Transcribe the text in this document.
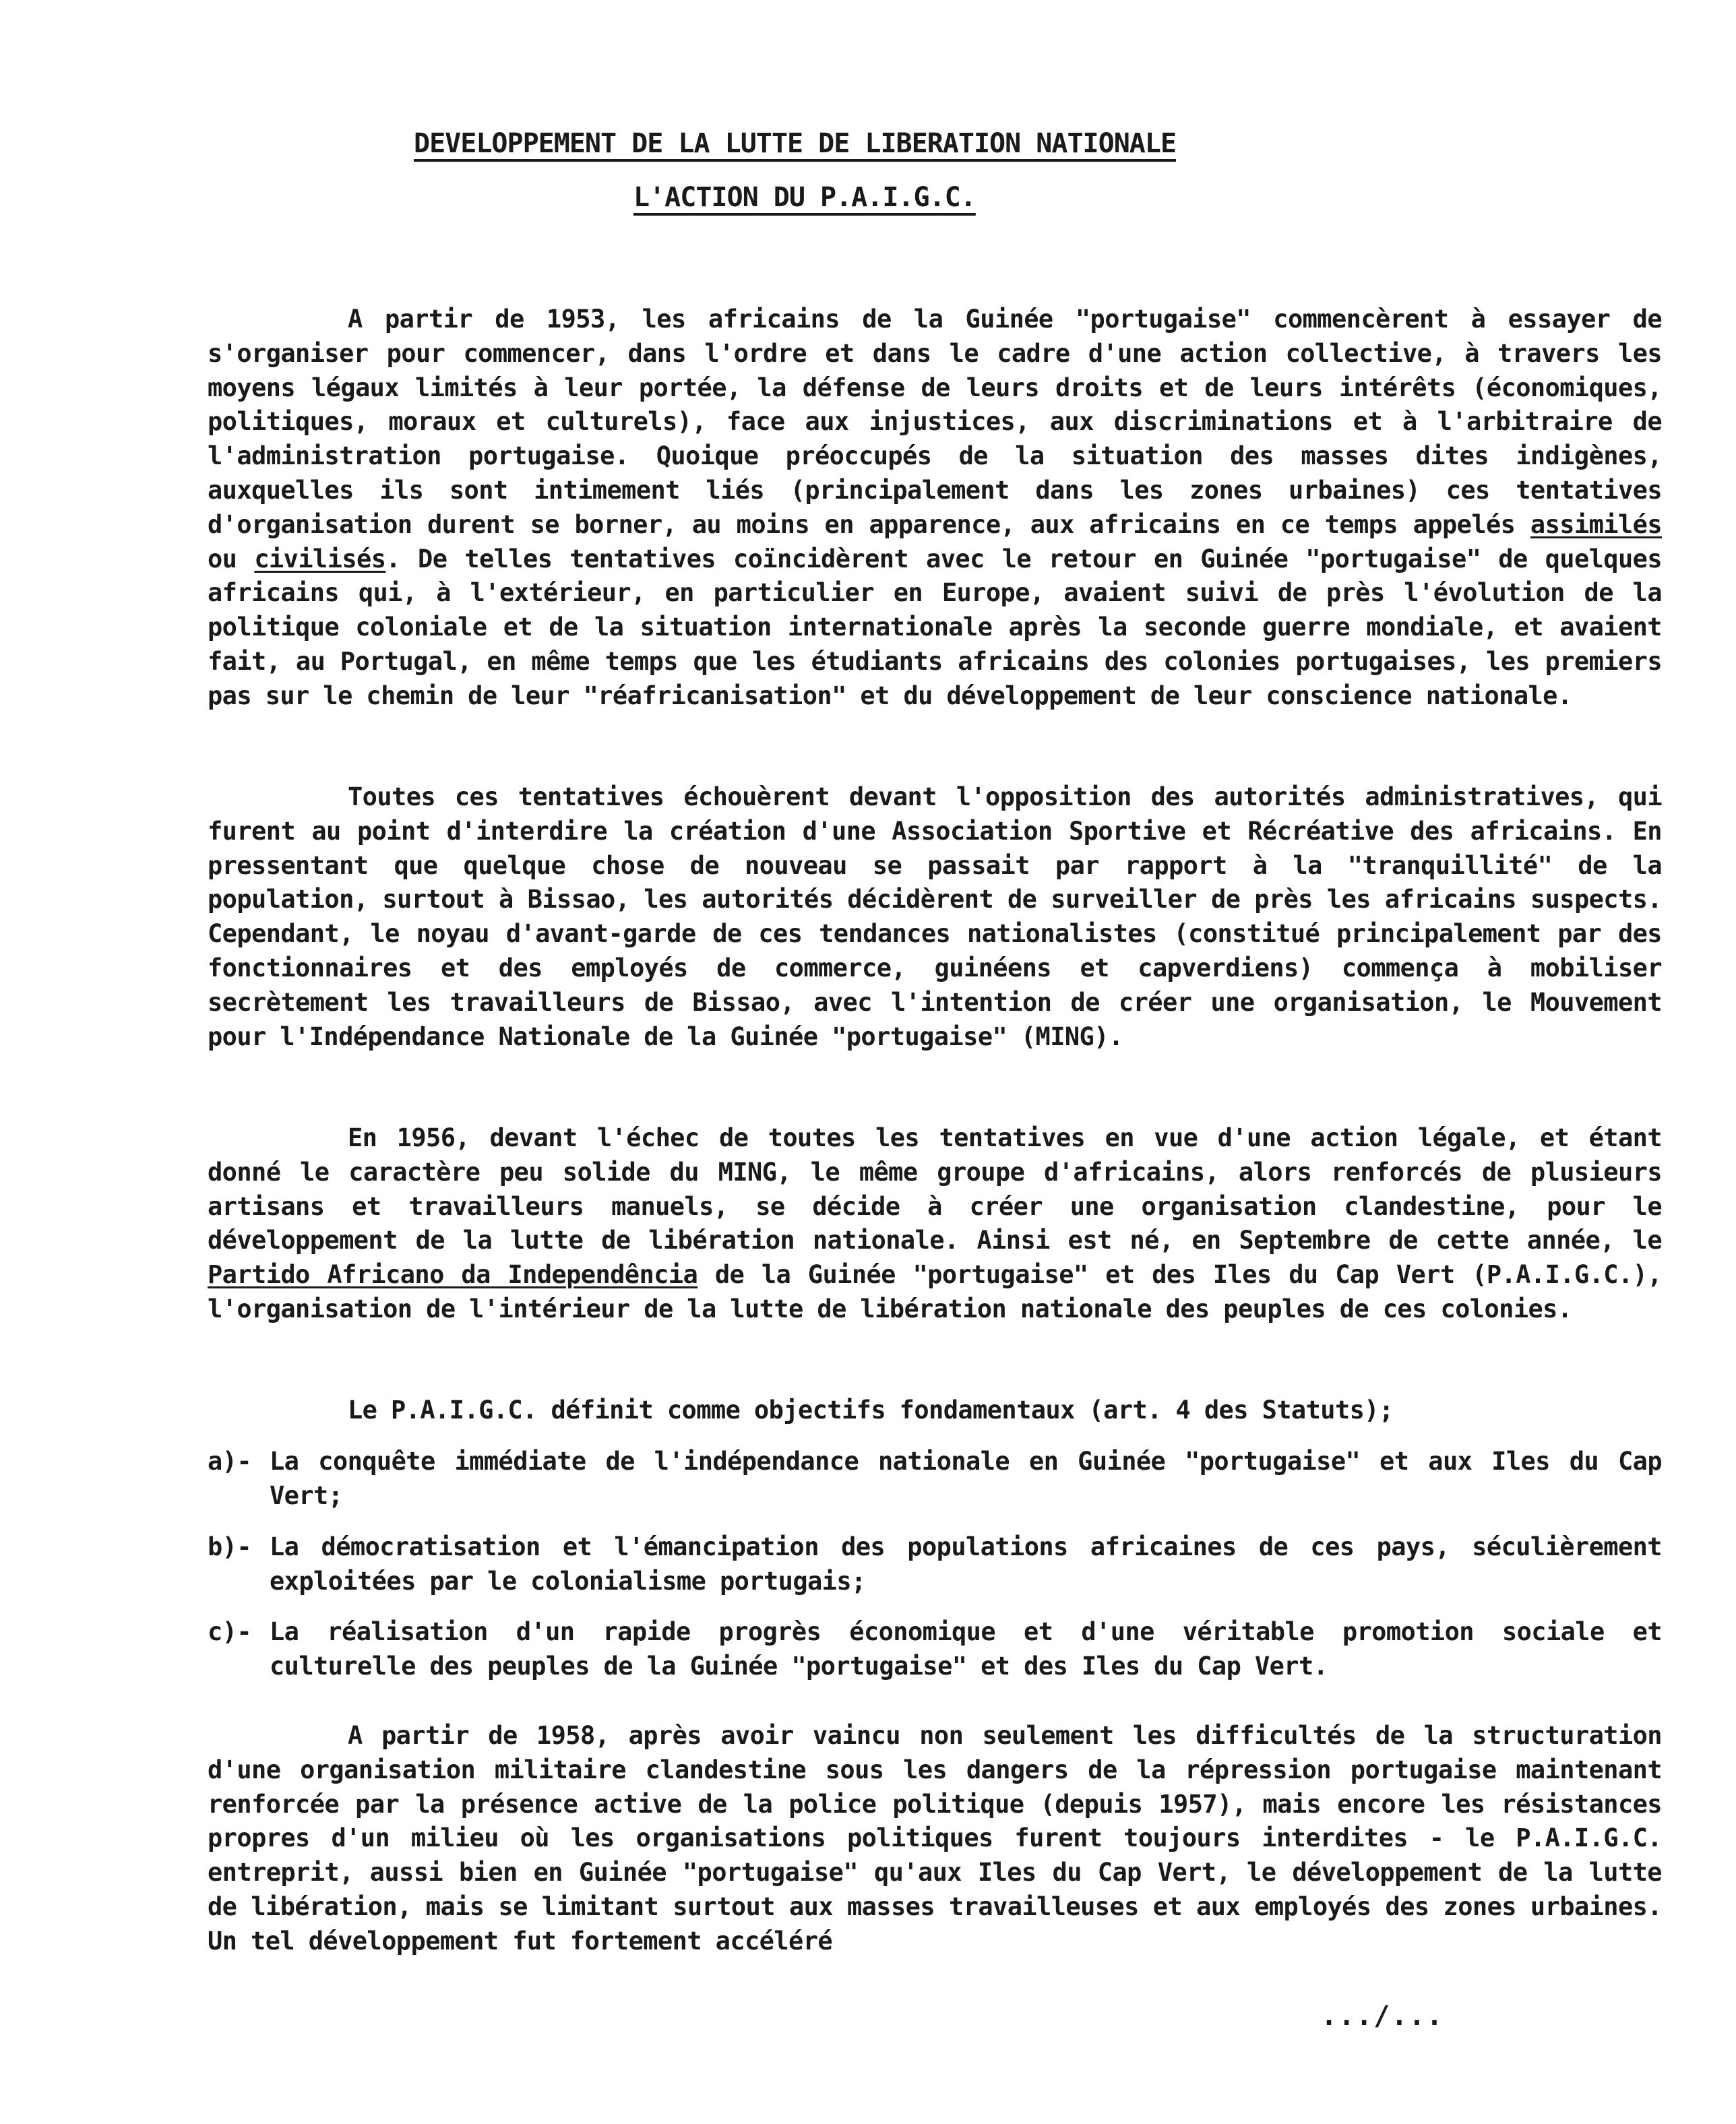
DEVELOPPEMENT DE LA LUTTE DE LIBERATION NATIONALE
L'ACTION DU P.A.I.G.C.

A partir de 1953, les africains de la Guinée "portugaise" commencèrent à essayer de s'organiser pour commencer, dans l'ordre et dans le cadre d'une action collective, à travers les moyens légaux limités à leur portée, la défense de leurs droits et de leurs intérêts (économiques, politiques, moraux et culturels), face aux injustices, aux discriminations et à l'arbitraire de l'administration portugaise. Quoique préoccupés de la situation des masses dites indigènes, auxquelles ils sont intimement liés (principalement dans les zones urbaines) ces tentatives d'organisation durent se borner, au moins en apparence, aux africains en ce temps appelés assimilés ou civilisés. De telles tentatives coïncidèrent avec le retour en Guinée "portugaise" de quelques africains qui, à l'extérieur, en particulier en Europe, avaient suivi de près l'évolution de la politique coloniale et de la situation internationale après la seconde guerre mondiale, et avaient fait, au Portugal, en même temps que les étudiants africains des colonies portugaises, les premiers pas sur le chemin de leur "réafricanisation" et du développement de leur conscience nationale.

Toutes ces tentatives échouèrent devant l'opposition des autorités administratives, qui furent au point d'interdire la création d'une Association Sportive et Récréative des africains. En pressentant que quelque chose de nouveau se passait par rapport à la "tranquillité" de la population, surtout à Bissao, les autorités décidèrent de surveiller de près les africains suspects. Cependant, le noyau d'avant-garde de ces tendances nationalistes (constitué principalement par des fonctionnaires et des employés de commerce, guinéens et capverdiens) commença à mobiliser secrètement les travailleurs de Bissao, avec l'intention de créer une organisation, le Mouvement pour l'Indépendance Nationale de la Guinée "portugaise" (MING).

En 1956, devant l'échec de toutes les tentatives en vue d'une action légale, et étant donné le caractère peu solide du MING, le même groupe d'africains, alors renforcés de plusieurs artisans et travailleurs manuels, se décide à créer une organisation clandestine, pour le développement de la lutte de libération nationale. Ainsi est né, en Septembre de cette année, le Partido Africano da Independência de la Guinée "portugaise" et des Iles du Cap Vert (P.A.I.G.C.), l'organisation de l'intérieur de la lutte de libération nationale des peuples de ces colonies.

Le P.A.I.G.C. définit comme objectifs fondamentaux (art. 4 des Statuts);

a)- La conquête immédiate de l'indépendance nationale en Guinée "portugaise" et aux Iles du Cap Vert;
b)- La démocratisation et l'émancipation des populations africaines de ces pays, séculièrement exploitées par le colonialisme portugais;
c)- La réalisation d'un rapide progrès économique et d'une véritable promotion sociale et culturelle des peuples de la Guinée "portugaise" et des Iles du Cap Vert.

A partir de 1958, après avoir vaincu non seulement les difficultés de la structuration d'une organisation militaire clandestine sous les dangers de la répression portugaise maintenant renforcée par la présence active de la police politique (depuis 1957), mais encore les résistances propres d'un milieu où les organisations politiques furent toujours interdites - le P.A.I.G.C. entreprit, aussi bien en Guinée "portugaise" qu'aux Iles du Cap Vert, le développement de la lutte de libération, mais se limitant surtout aux masses travailleuses et aux employés des zones urbaines. Un tel développement fut fortement accéléré

.../...
